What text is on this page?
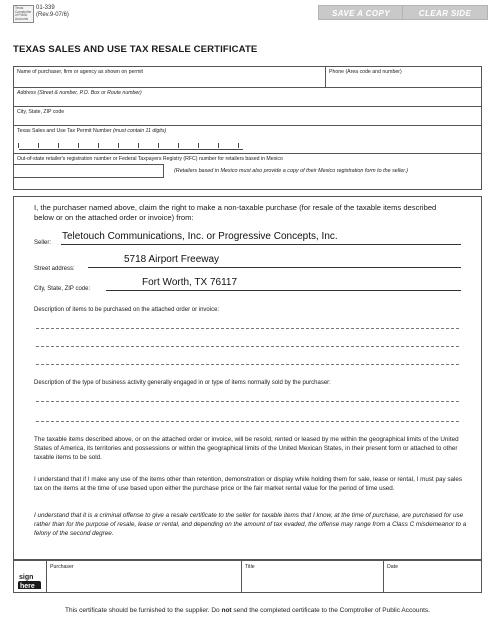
Texas Comptroller of Public Accounts
01-339
(Rev.9-07/6)	SAVE A COPY	CLEAR SIDE
TEXAS SALES AND USE TAX RESALE CERTIFICATE
Name of purchaser, firm or agency as shown on permit	Phone (Area code and number)
Address (Street & number, P.O. Box or Route number)
City, State, ZIP code
Texas Sales and Use Tax Permit Number (must contain 11 digits)
Out-of-state retailer's registration number or Federal Taxpayers Registry (RFC) number for retailers based in Mexico
(Retailers based in Mexico must also provide a copy of their Mexico registration form to the seller.)
I, the purchaser named above, claim the right to make a non-taxable purchase (for resale of the taxable items described below or on the attached order or invoice) from:
Seller:
Teletouch Communications, Inc. or Progressive Concepts, Inc.
Street address:
5718 Airport Freeway
City, State, ZIP code:
Fort Worth, TX 76117
Description of items to be purchased on the attached order or invoice:
Description of the type of business activity generally engaged in or type of items normally sold by the purchaser:
The taxable items described above, or on the attached order or invoice, will be resold, rented or leased by me within the geographical limits of the United States of America, its territories and possessions or within the geographical limits of the United Mexican States, in their present form or attached to other taxable items to be sold.
I understand that if I make any use of the items other than retention, demonstration or display while holding them for sale, lease or rental, I must pay sales tax on the items at the time of use based upon either the purchase price or the fair market rental value for the period of time used.
I understand that it is a criminal offense to give a resale certificate to the seller for taxable items that I know, at the time of purchase, are purchased for use rather than for the purpose of resale, lease or rental, and depending on the amount of tax evaded, the offense may range from a Class C misdemeanor to a felony of the second degree.
sign
here
Purchaser	Title	Date
This certificate should be furnished to the supplier. Do not send the completed certificate to the Comptroller of Public Accounts.
